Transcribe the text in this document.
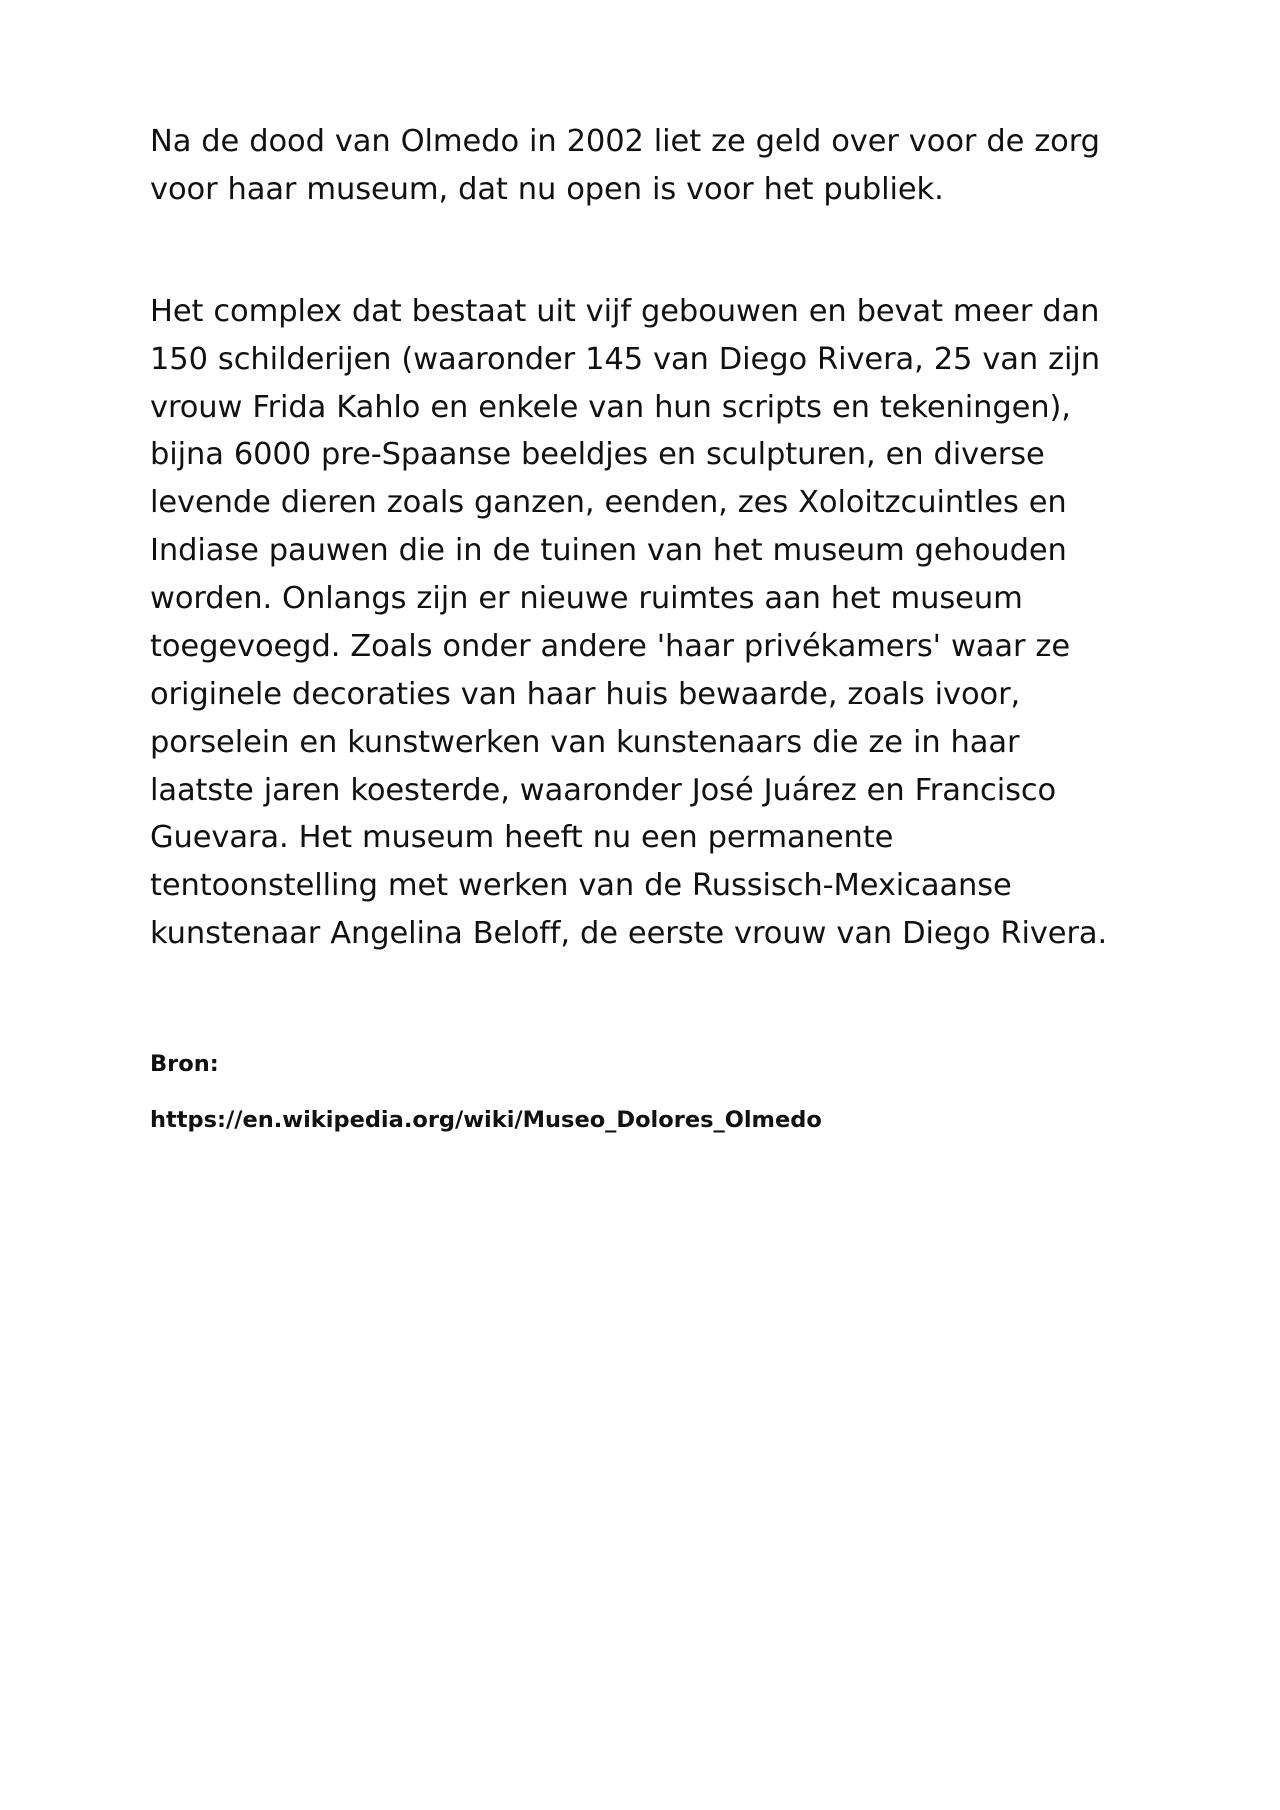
Na de dood van Olmedo in 2002 liet ze geld over voor de zorg voor haar museum, dat nu open is voor het publiek.

Het complex dat bestaat uit vijf gebouwen en bevat meer dan 150 schilderijen (waaronder 145 van Diego Rivera, 25 van zijn vrouw Frida Kahlo en enkele van hun scripts en tekeningen), bijna 6000 pre-Spaanse beeldjes en sculpturen, en diverse levende dieren zoals ganzen, eenden, zes Xoloitzcuintles en Indiase pauwen die in de tuinen van het museum gehouden worden. Onlangs zijn er nieuwe ruimtes aan het museum toegevoegd. Zoals onder andere 'haar privékamers' waar ze originele decoraties van haar huis bewaarde, zoals ivoor, porselein en kunstwerken van kunstenaars die ze in haar laatste jaren koesterde, waaronder José Juárez en Francisco Guevara. Het museum heeft nu een permanente tentoonstelling met werken van de Russisch-Mexicaanse kunstenaar Angelina Beloff, de eerste vrouw van Diego Rivera.

Bron:

https://en.wikipedia.org/wiki/Museo_Dolores_Olmedo
